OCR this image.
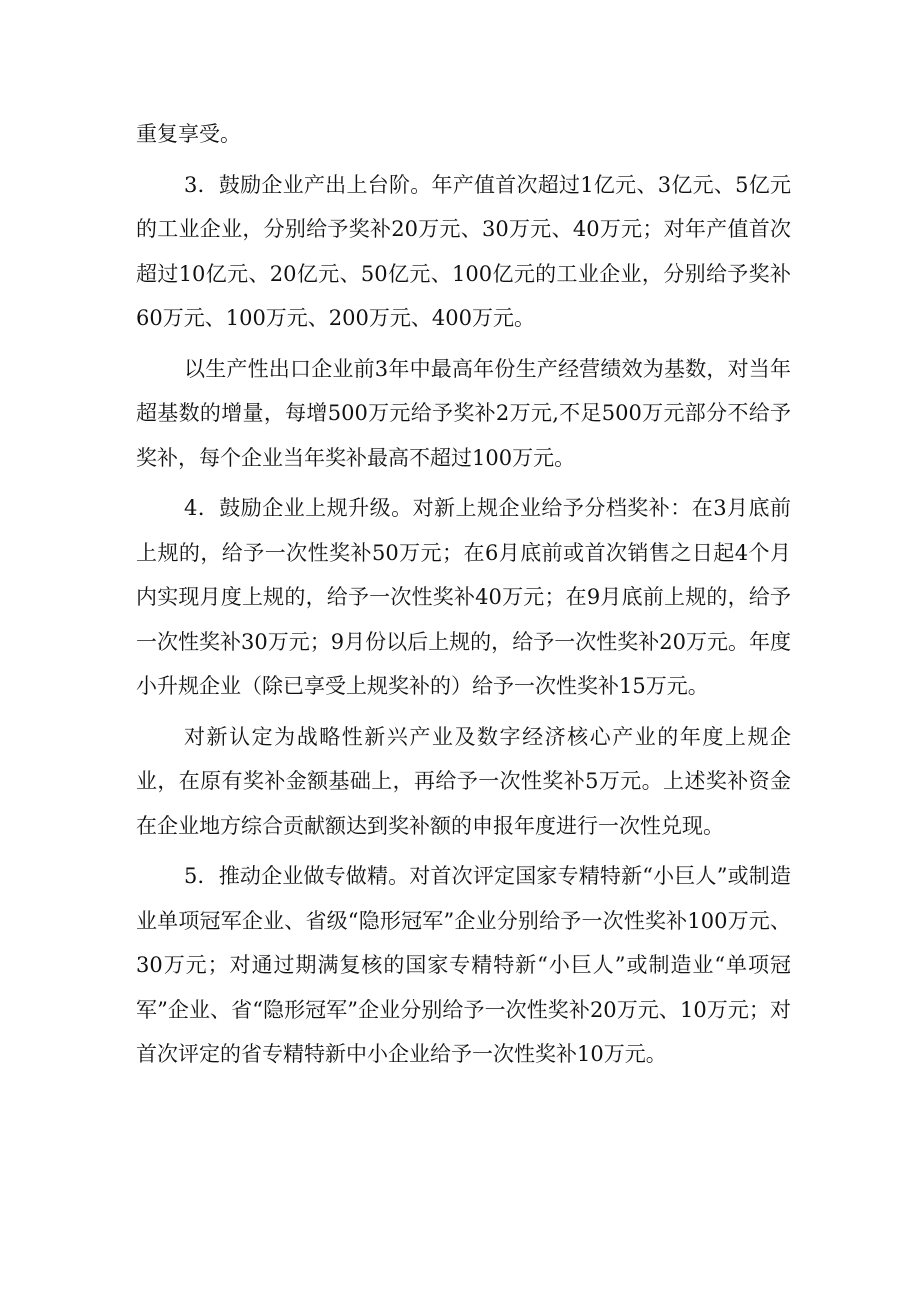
重复享受。

3．鼓励企业产出上台阶。年产值首次超过1亿元、3亿元、5亿元的工业企业，分别给予奖补20万元、30万元、40万元；对年产值首次超过10亿元、20亿元、50亿元、100亿元的工业企业，分别给予奖补60万元、100万元、200万元、400万元。

以生产性出口企业前3年中最高年份生产经营绩效为基数，对当年超基数的增量，每增500万元给予奖补2万元,不足500万元部分不给予奖补，每个企业当年奖补最高不超过100万元。

4．鼓励企业上规升级。对新上规企业给予分档奖补：在3月底前上规的，给予一次性奖补50万元；在6月底前或首次销售之日起4个月内实现月度上规的，给予一次性奖补40万元；在9月底前上规的，给予一次性奖补30万元；9月份以后上规的，给予一次性奖补20万元。年度小升规企业（除已享受上规奖补的）给予一次性奖补15万元。

对新认定为战略性新兴产业及数字经济核心产业的年度上规企业，在原有奖补金额基础上，再给予一次性奖补5万元。上述奖补资金在企业地方综合贡献额达到奖补额的申报年度进行一次性兑现。

5．推动企业做专做精。对首次评定国家专精特新“小巨人”或制造业单项冠军企业、省级“隐形冠军”企业分别给予一次性奖补100万元、30万元；对通过期满复核的国家专精特新“小巨人”或制造业“单项冠军”企业、省“隐形冠军”企业分别给予一次性奖补20万元、10万元；对首次评定的省专精特新中小企业给予一次性奖补10万元。
